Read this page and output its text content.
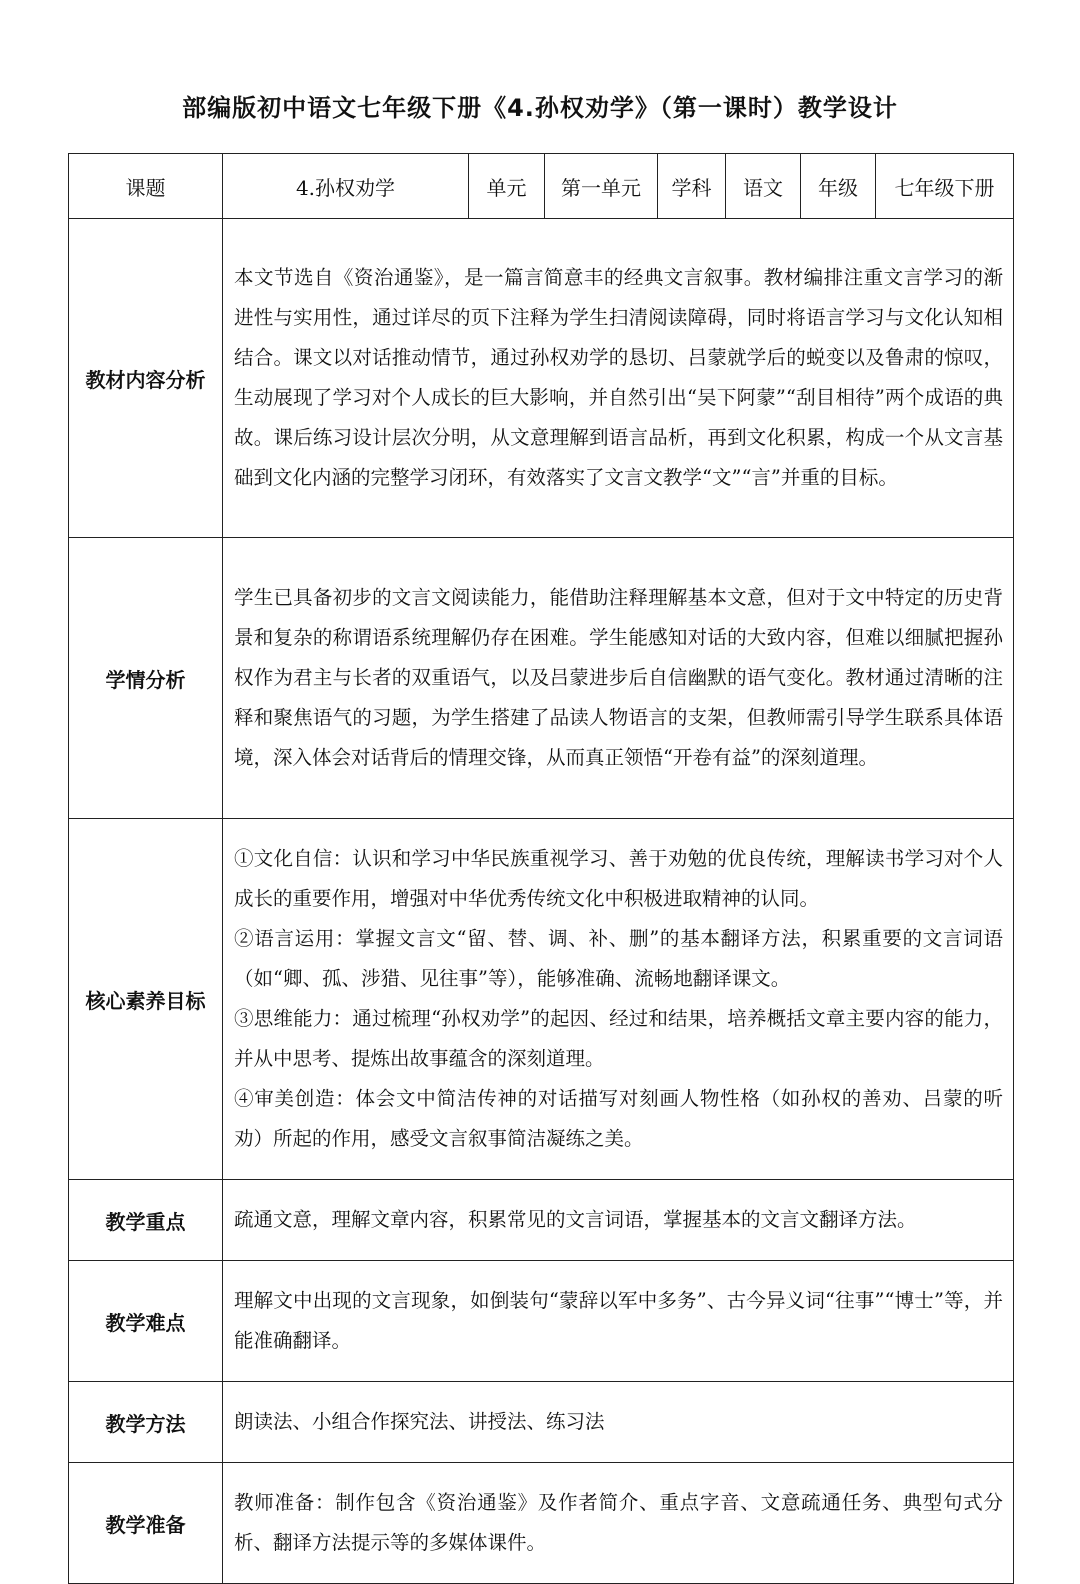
部编版初中语文七年级下册《4.孙权劝学》（第一课时）教学设计
课题	4.孙权劝学	单元	第一单元	学科	语文	年级	七年级下册
教材内容分析	本文节选自《资治通鉴》，是一篇言简意丰的经典文言叙事。教材编排注重文言学习的渐进性与实用性，通过详尽的页下注释为学生扫清阅读障碍，同时将语言学习与文化认知相结合。课文以对话推动情节，通过孙权劝学的恳切、吕蒙就学后的蜕变以及鲁肃的惊叹，生动展现了学习对个人成长的巨大影响，并自然引出“吴下阿蒙”“刮目相待”两个成语的典故。课后练习设计层次分明，从文意理解到语言品析，再到文化积累，构成一个从文言基础到文化内涵的完整学习闭环，有效落实了文言文教学“文”“言”并重的目标。						

学情分析	学生已具备初步的文言文阅读能力，能借助注释理解基本文意，但对于文中特定的历史背景和复杂的称谓语系统理解仍存在困难。学生能感知对话的大致内容，但难以细腻把握孙权作为君主与长者的双重语气，以及吕蒙进步后自信幽默的语气变化。教材通过清晰的注释和聚焦语气的习题，为学生搭建了品读人物语言的支架，但教师需引导学生联系具体语境，深入体会对话背后的情理交锋，从而真正领悟“开卷有益”的深刻道理。						

核心素养目标	①文化自信：认识和学习中华民族重视学习、善于劝勉的优良传统，理解读书学习对个人成长的重要作用，增强对中华优秀传统文化中积极进取精神的认同。

②语言运用：掌握文言文“留、替、调、补、删”的基本翻译方法，积累重要的文言词语（如“卿、孤、涉猎、见往事”等），能够准确、流畅地翻译课文。

③思维能力：通过梳理“孙权劝学”的起因、经过和结果，培养概括文章主要内容的能力，并从中思考、提炼出故事蕴含的深刻道理。

④审美创造：体会文中简洁传神的对话描写对刻画人物性格（如孙权的善劝、吕蒙的听劝）所起的作用，感受文言叙事简洁凝练之美。						

教学重点	疏通文意，理解文章内容，积累常见的文言词语，掌握基本的文言文翻译方法。						

教学难点	理解文中出现的文言现象，如倒装句“蒙辞以军中多务”、古今异义词“往事”“博士”等，并能准确翻译。						

教学方法	朗读法、小组合作探究法、讲授法、练习法						

教学准备	教师准备：制作包含《资治通鉴》及作者简介、重点字音、文意疏通任务、典型句式分析、翻译方法提示等的多媒体课件。						
